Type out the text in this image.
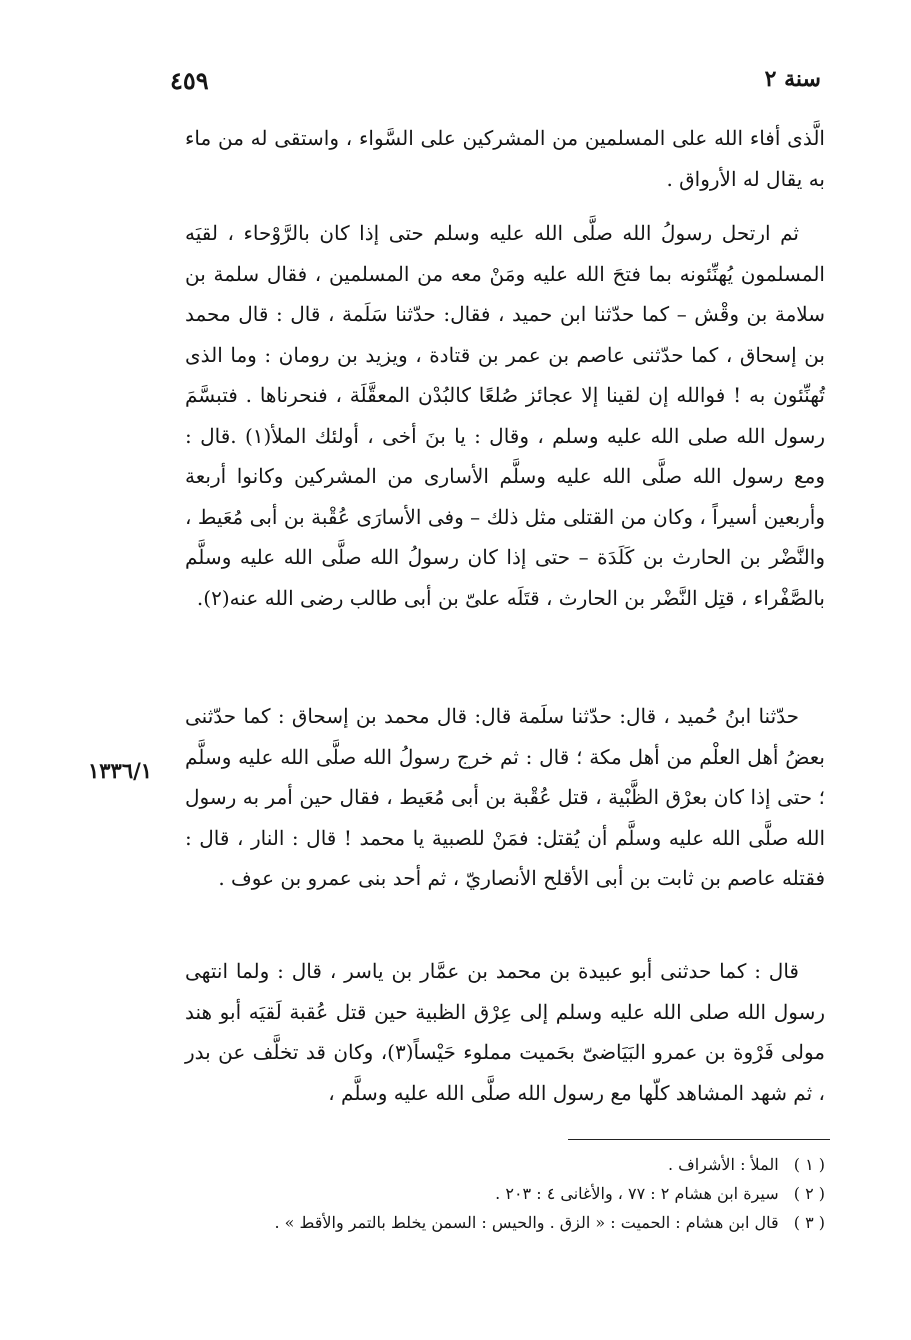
سنة ٢
٤٥٩

الَّذى أفاء الله على المسلمين من المشركين على السَّواء ، واستقى له من ماء به يقال له الأرواق .

ثم ارتحل رسولُ الله صلَّى الله عليه وسلم حتى إذا كان بالرَّوْحاء ، لقيَه المسلمون يُهنِّئونه بما فتحَ الله عليه ومَنْ معه من المسلمين ، فقال سلمة بن سلامة بن وقْش – كما حدّثنا ابن حميد ، فقال: حدّثنا سَلَمة ، قال : قال محمد بن إسحاق ، كما حدّثنى عاصم بن عمر بن قتادة ، ويزيد بن رومان : وما الذى تُهنِّئون به ! فوالله إن لقينا إلا عجائز صُلعًا كالبُدْن المعقَّلَة ، فنحرناها . فتبسَّمَ رسول الله صلى الله عليه وسلم ، وقال : يا بنَ أخى ، أولئك الملأ(١) .قال : ومع رسول الله صلَّى الله عليه وسلَّم الأسارى من المشركين وكانوا أربعة وأربعين أسيراً ، وكان من القتلى مثل ذلك – وفى الأسارَى عُقْبة بن أبى مُعَيط ، والنَّضْر بن الحارث بن كَلَدَة – حتى إذا كان رسولُ الله صلَّى الله عليه وسلَّم بالصَّفْراء ، قتِل النَّضْر بن الحارث ، قتَلَه علىّ بن أبى طالب رضى الله عنه(٢).

حدّثنا ابنُ حُميد ، قال: حدّثنا سلَمة قال: قال محمد بن إسحاق : كما حدّثنى بعضُ أهل العلْم من أهل مكة ؛ قال : ثم خرج رسولُ الله صلَّى الله عليه وسلَّم ؛ حتى إذا كان بعرْق الظَّبْية ، قتل عُقْبة بن أبى مُعَيط ، فقال حين أمر به رسول الله صلَّى الله عليه وسلَّم أن يُقتل: فمَنْ للصبية يا محمد ! قال : النار ، قال : فقتله عاصم بن ثابت بن أبى الأقلح الأنصاريّ ، ثم أحد بنى عمرو بن عوف .

قال : كما حدثنى أبو عبيدة بن محمد بن عمَّار بن ياسر ، قال : ولما انتهى رسول الله صلى الله عليه وسلم إلى عِرْق الظبية حين قتل عُقبة لَقيَه أبو هند مولى فَرْوة بن عمرو البَيَاضىّ بحَميت مملوء حَيْساً(٣)، وكان قد تخلَّف عن بدر ، ثم شهد المشاهد كلّها مع رسول الله صلَّى الله عليه وسلَّم ،

١٣٣٦/١
( ١ ) الملأ : الأشراف .
( ٢ ) سيرة ابن هشام ٢ : ٧٧ ، والأغانى ٤ : ٢٠٣ .
( ٣ ) قال ابن هشام : الحميت : « الزق . والحيس : السمن يخلط بالتمر والأقط » .
